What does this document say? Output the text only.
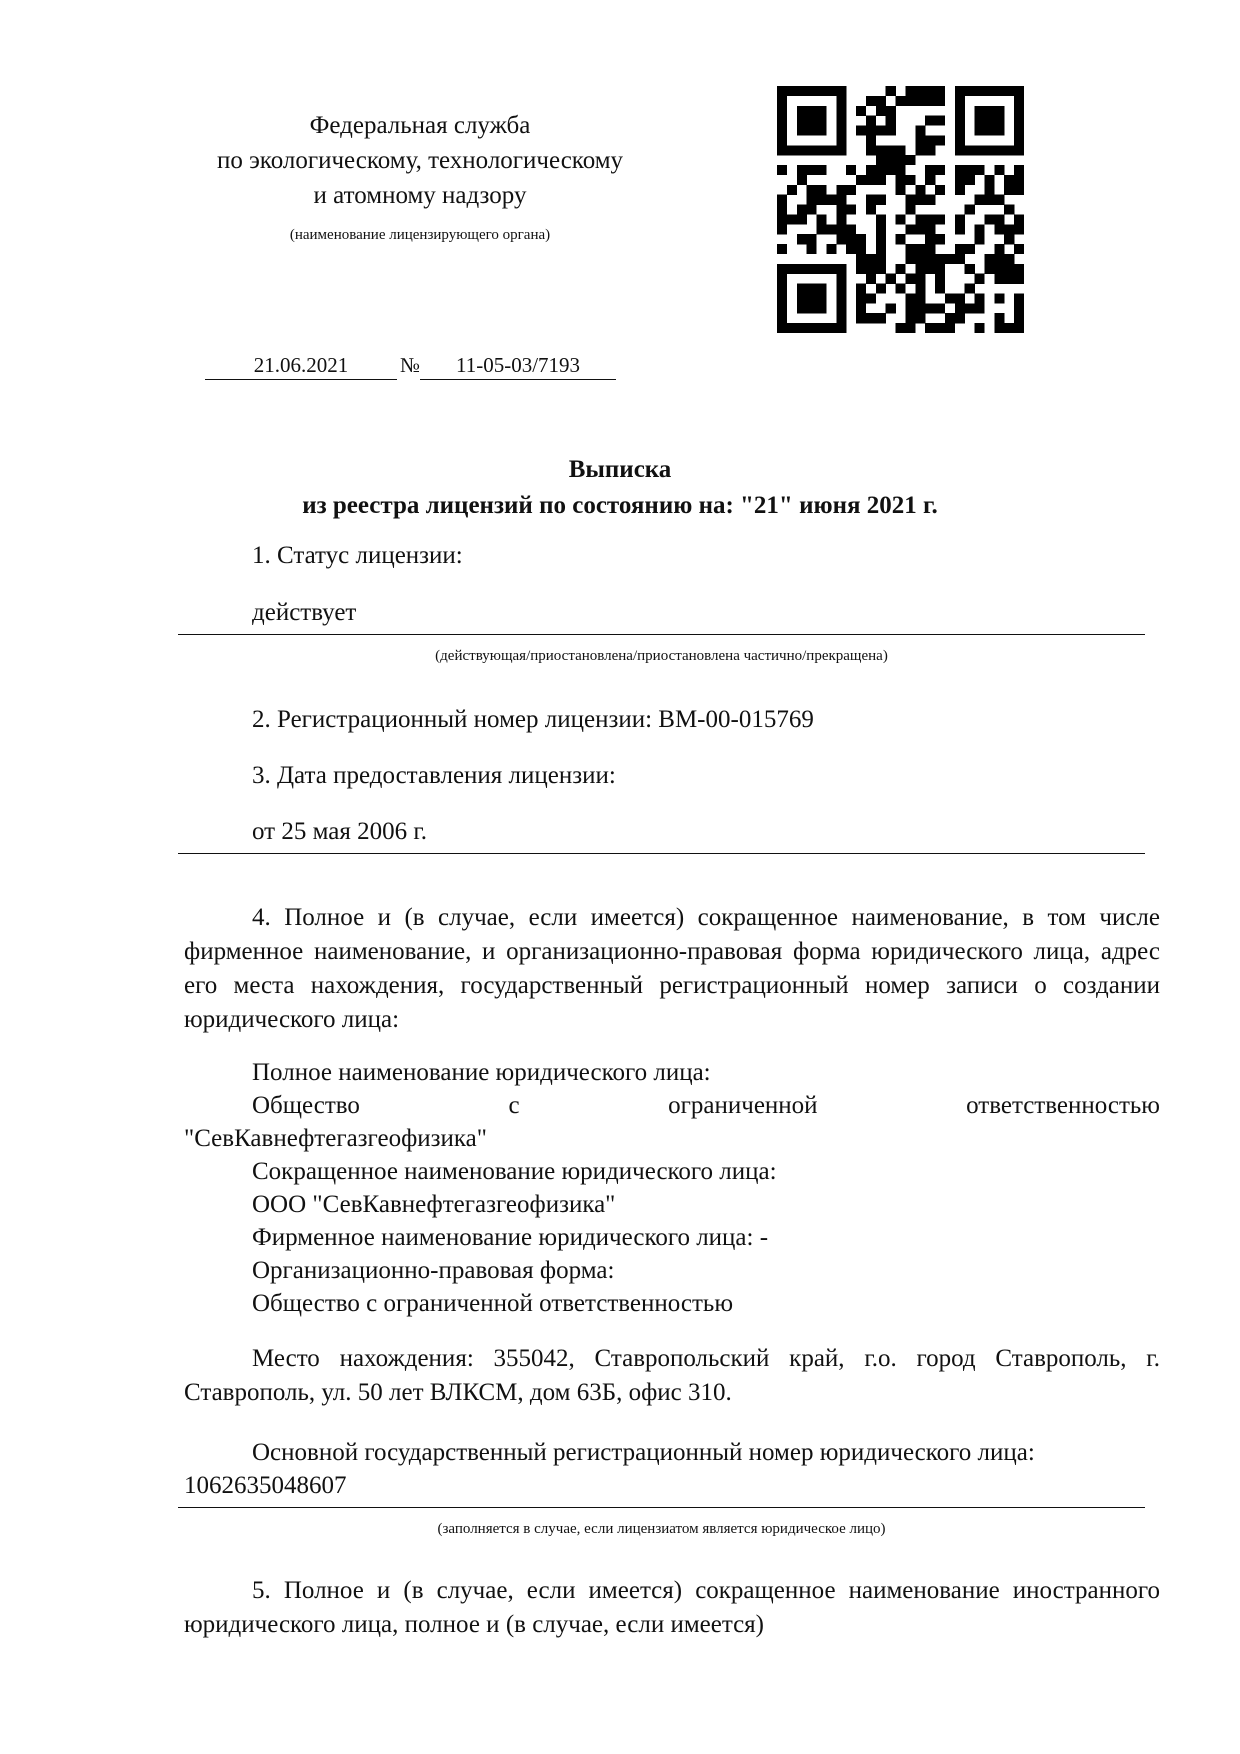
Федеральная служба
по экологическому, технологическому
и атомному надзору
(наименование лицензирующего органа)
21.06.2021 № 11-05-03/7193
Выписка
из реестра лицензий по состоянию на: "21" июня 2021 г.
1. Статус лицензии:
действует
(действующая/приостановлена/приостановлена частично/прекращена)
2. Регистрационный номер лицензии: ВМ-00-015769
3. Дата предоставления лицензии:
от 25 мая 2006 г.
4. Полное и (в случае, если имеется) сокращенное наименование, в том числе фирменное наименование, и организационно-правовая форма юридического лица, адрес его места нахождения, государственный регистрационный номер записи о создании юридического лица:
Полное наименование юридического лица:
Общество	с	ограниченной	ответственностью
"СевКавнефтегазгеофизика"
Сокращенное наименование юридического лица:
ООО "СевКавнефтегазгеофизика"
Фирменное наименование юридического лица: -
Организационно-правовая форма:
Общество с ограниченной ответственностью
Место нахождения: 355042, Ставропольский край, г.о. город Ставрополь, г. Ставрополь, ул. 50 лет ВЛКСМ, дом 63Б, офис 310.
Основной государственный регистрационный номер юридического лица:
1062635048607
(заполняется в случае, если лицензиатом является юридическое лицо)
5. Полное и (в случае, если имеется) сокращенное наименование иностранного юридического лица, полное и (в случае, если имеется)
